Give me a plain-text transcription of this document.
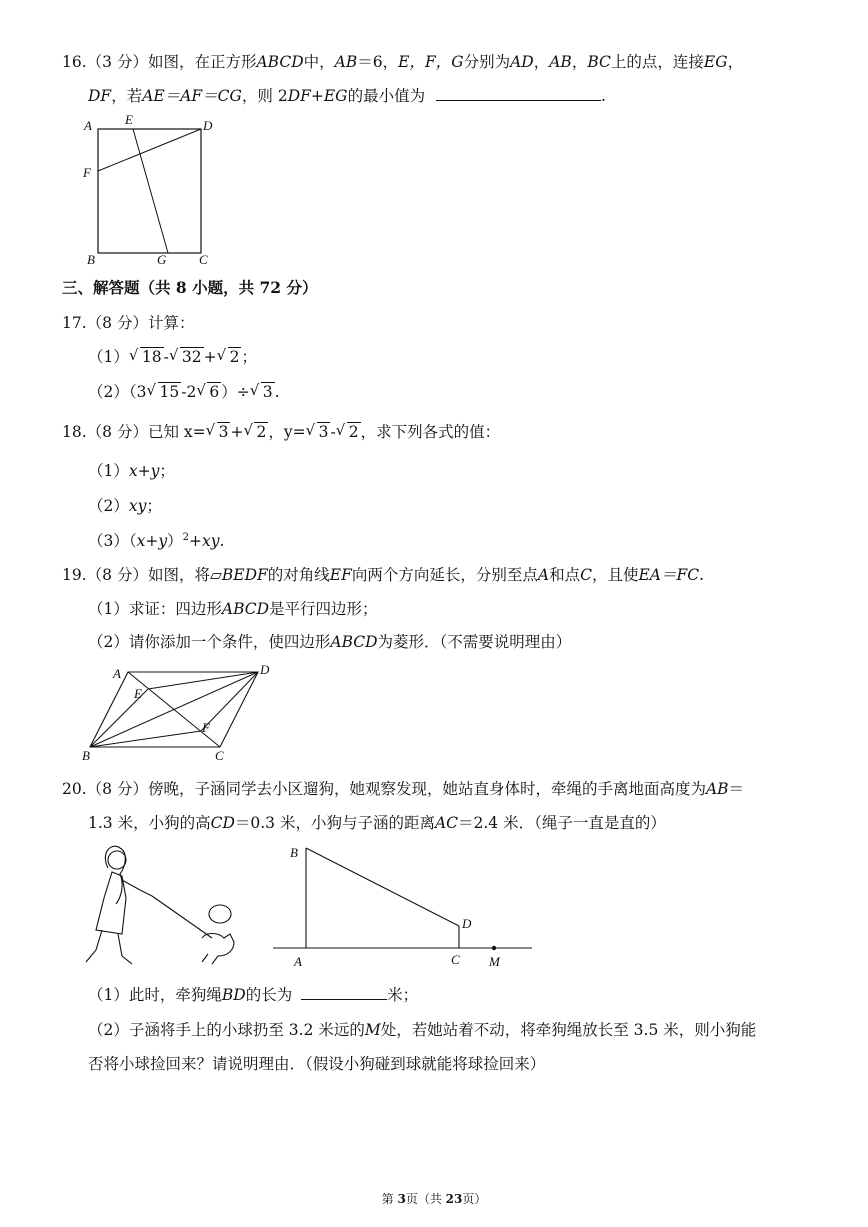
16.（3 分）如图，在正方形ABCD中，AB＝6，E，F，G分别为AD，AB，BC上的点，连接EG，
DF，若AE＝AF＝CG，则 2DF+EG的最小值为	.
A	E	D
F
B	G	C
三、解答题（共 8 小题，共 72 分）
17.（8 分）计算：
（1） √ 18 - √ 32 + √ 2 ；
（2）（3 √ 15 -2 √ 6 ）÷ √ 3 .
18.（8 分）已知 x= √ 3 + √ 2 ，y= √ 3 - √ 2 ，求下列各式的值：
（1）x+y；
（2）xy；
$(3)(x+y)^2+xy$.
19.（8 分）如图，将▱BEDF的对角线EF向两个方向延长，分别至点A和点C，且使EA＝FC.
（1）求证：四边形ABCD是平行四边形；
（2）请你添加一个条件，使四边形ABCD为菱形．（不需要说明理由）
A	D
E
F
B	C
20.（8 分）傍晚，子涵同学去小区遛狗，她观察发现，她站直身体时，牵绳的手离地面高度为AB＝
1.3 米，小狗的高CD＝0.3 米，小狗与子涵的距离AC＝2.4 米．（绳子一直是直的）
B
D
A	C M
（1）此时，牵狗绳BD的长为	米；
（2）子涵将手上的小球扔至 3.2 米远的M处，若她站着不动，将牵狗绳放长至 3.5 米，则小狗能
否将小球捡回来？请说明理由．（假设小狗碰到球就能将球捡回来）
第 3页（共 23页）
